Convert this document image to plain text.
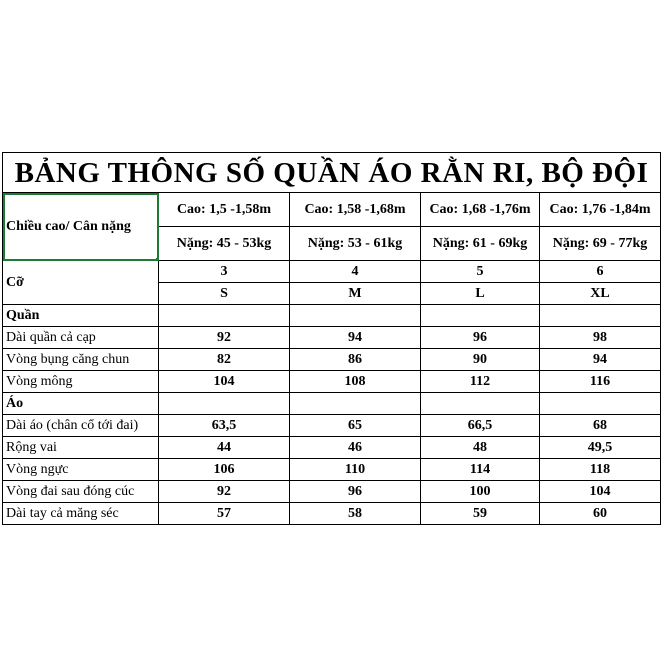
BẢNG THÔNG SỐ QUẦN ÁO RẰN RI, BỘ ĐỘI				
Chiều cao/ Cân nặng	Cao: 1,5 -1,58m	Cao: 1,58 -1,68m	Cao: 1,68 -1,76m	Cao: 1,76 -1,84m
	Nặng: 45 - 53kg	Nặng: 53 - 61kg	Nặng: 61 - 69kg	Nặng: 69 - 77kg
Cỡ	3	4	5	6
	S	M	L	XL
Quần				
Dài quần cả cạp	92	94	96	98
Vòng bụng căng chun	82	86	90	94
Vòng mông	104	108	112	116
Áo				
Dài áo (chân cổ tới đai)	63,5	65	66,5	68
Rộng vai	44	46	48	49,5
Vòng ngực	106	110	114	118
Vòng đai sau đóng cúc	92	96	100	104
Dài tay cả măng séc	57	58	59	60
